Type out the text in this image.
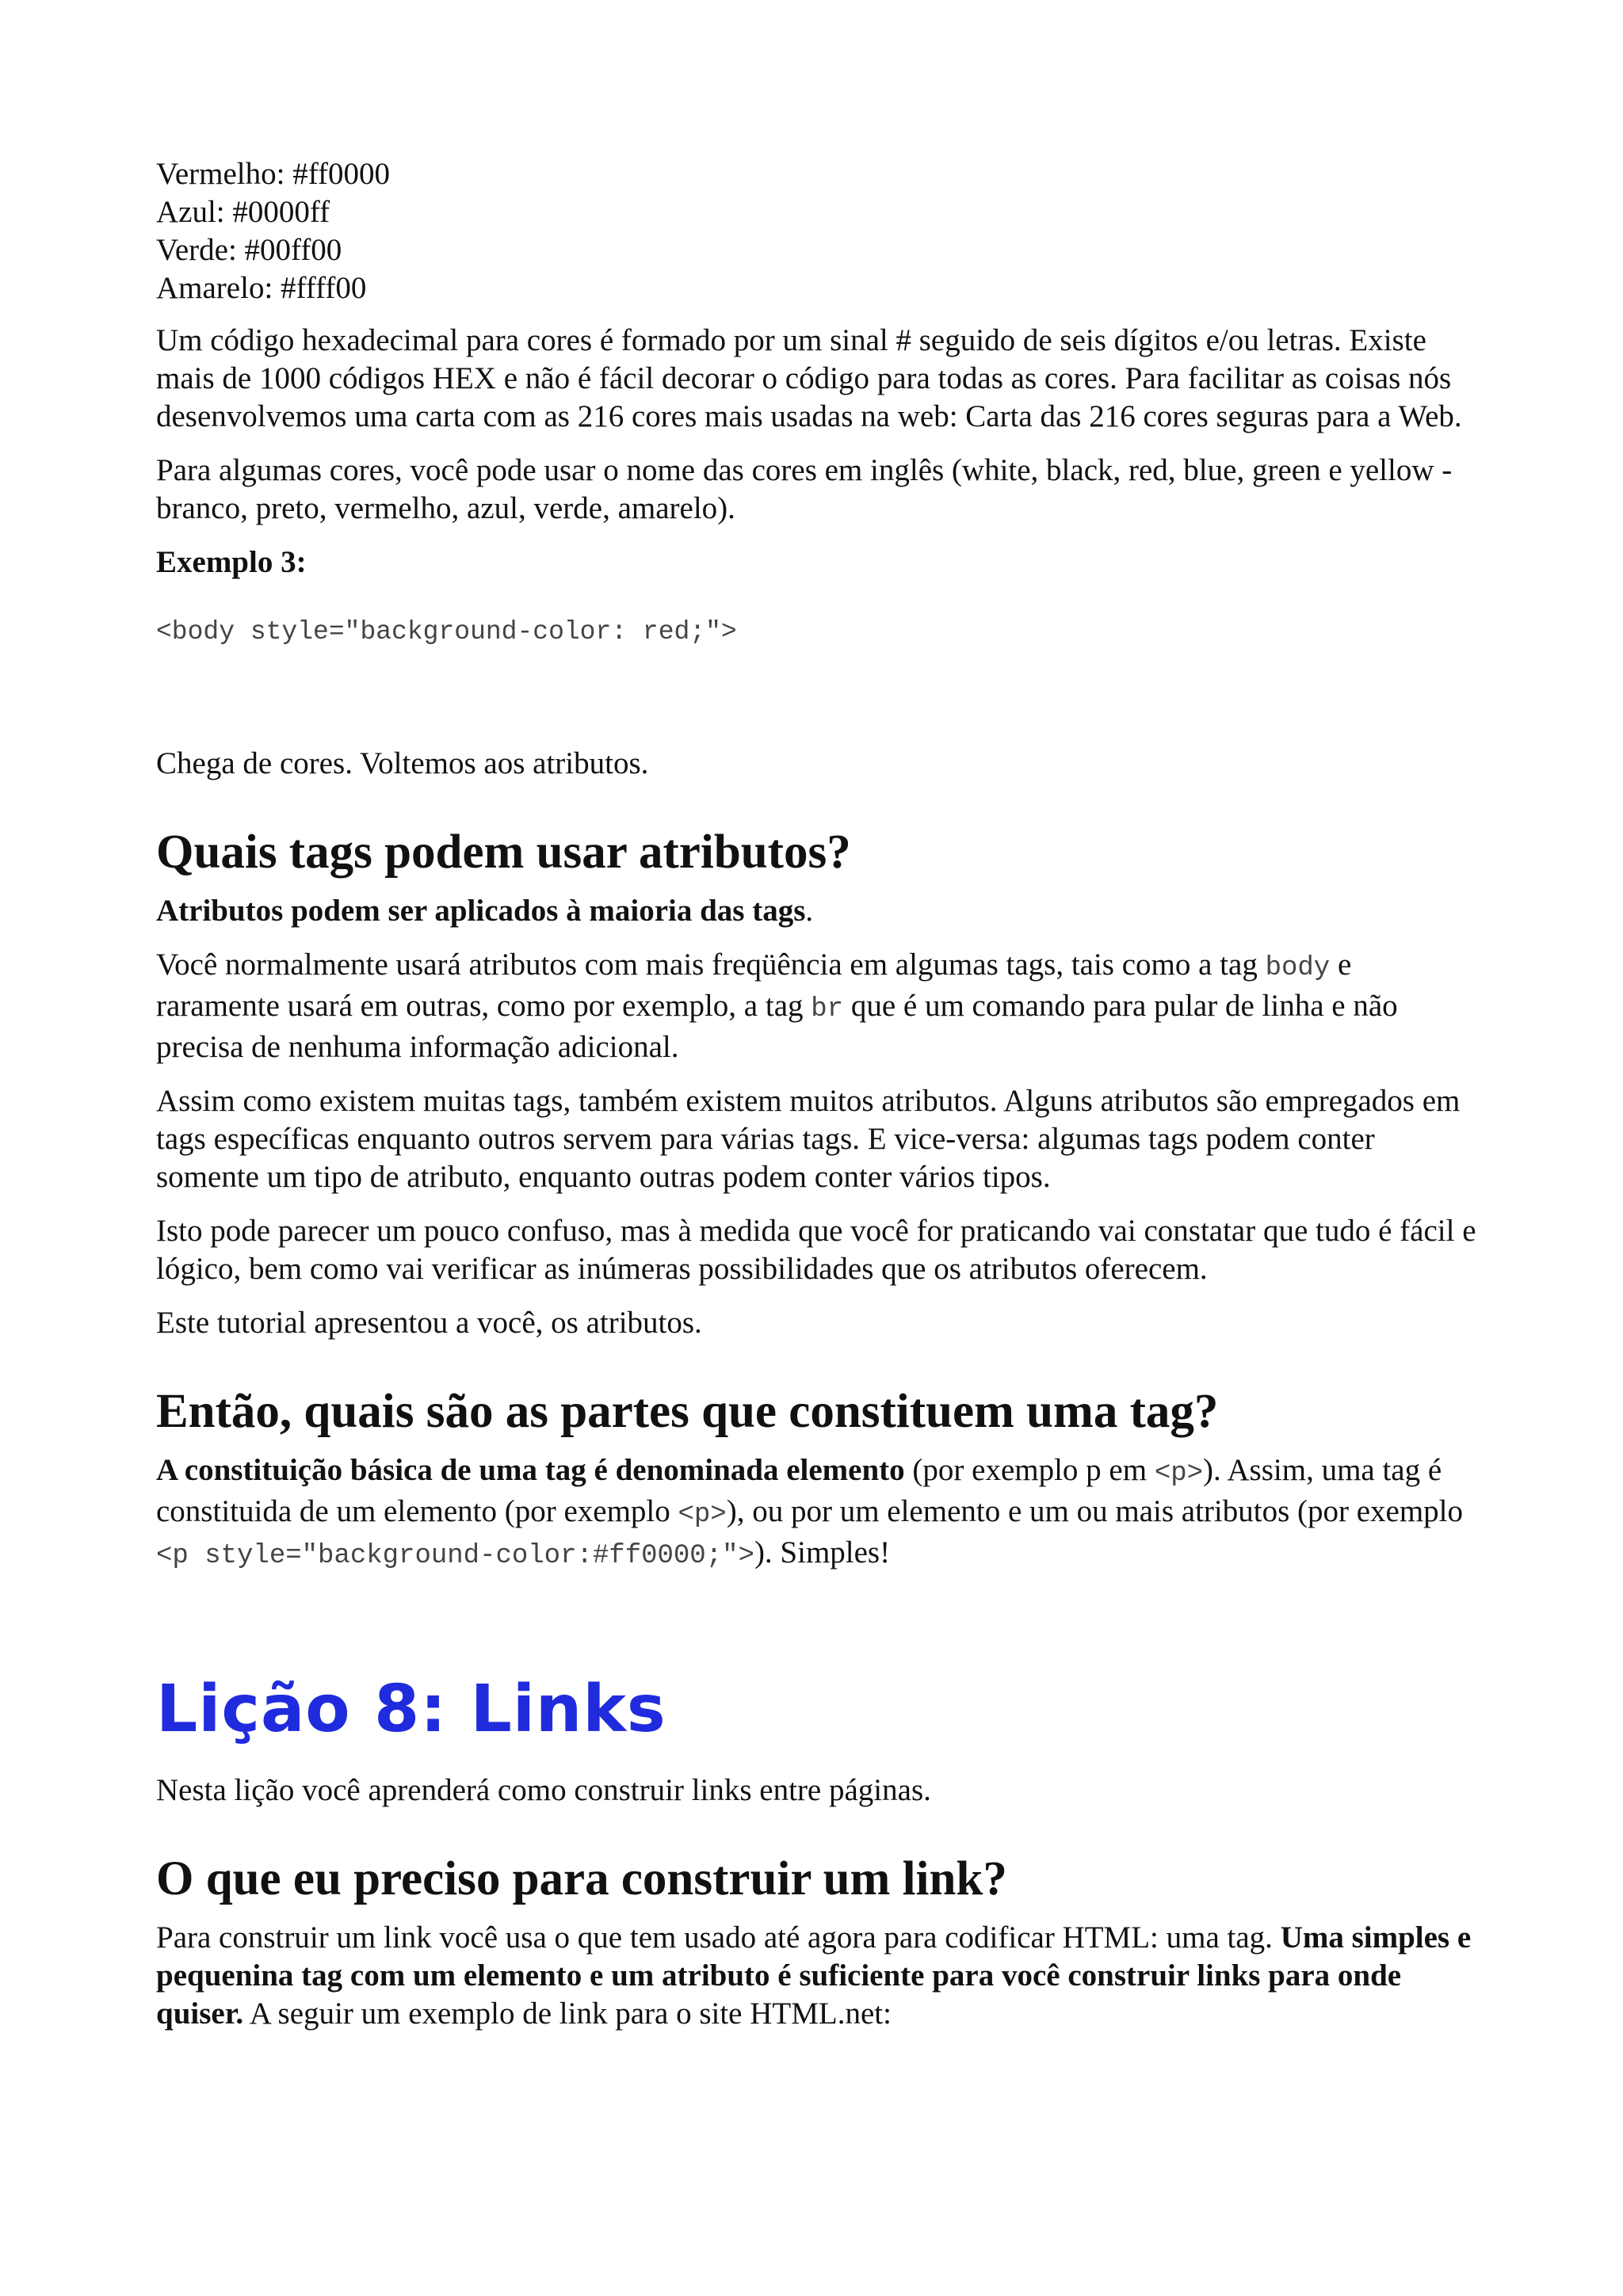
Vermelho: #ff0000
Azul: #0000ff
Verde: #00ff00
Amarelo: #ffff00

Um código hexadecimal para cores é formado por um sinal # seguido de seis dígitos e/ou letras. Existe mais de 1000 códigos HEX e não é fácil decorar o código para todas as cores. Para facilitar as coisas nós desenvolvemos uma carta com as 216 cores mais usadas na web: Carta das 216 cores seguras para a Web.

Para algumas cores, você pode usar o nome das cores em inglês (white, black, red, blue, green e yellow - branco, preto, vermelho, azul, verde, amarelo).

Exemplo 3:

<body style="background-color: red;">

Chega de cores. Voltemos aos atributos.

Quais tags podem usar atributos?

Atributos podem ser aplicados à maioria das tags.

Você normalmente usará atributos com mais freqüência em algumas tags, tais como a tag body e raramente usará em outras, como por exemplo, a tag br que é um comando para pular de linha e não precisa de nenhuma informação adicional.

Assim como existem muitas tags, também existem muitos atributos. Alguns atributos são empregados em tags específicas enquanto outros servem para várias tags. E vice-versa: algumas tags podem conter somente um tipo de atributo, enquanto outras podem conter vários tipos.

Isto pode parecer um pouco confuso, mas à medida que você for praticando vai constatar que tudo é fácil e lógico, bem como vai verificar as inúmeras possibilidades que os atributos oferecem.

Este tutorial apresentou a você, os atributos.

Então, quais são as partes que constituem uma tag?

A constituição básica de uma tag é denominada elemento (por exemplo p em <p>). Assim, uma tag é constituida de um elemento (por exemplo <p>), ou por um elemento e um ou mais atributos (por exemplo <p style="background-color:#ff0000;">). Simples!

Lição 8: Links

Nesta lição você aprenderá como construir links entre páginas.

O que eu preciso para construir um link?

Para construir um link você usa o que tem usado até agora para codificar HTML: uma tag. Uma simples e pequenina tag com um elemento e um atributo é suficiente para você construir links para onde quiser. A seguir um exemplo de link para o site HTML.net:
